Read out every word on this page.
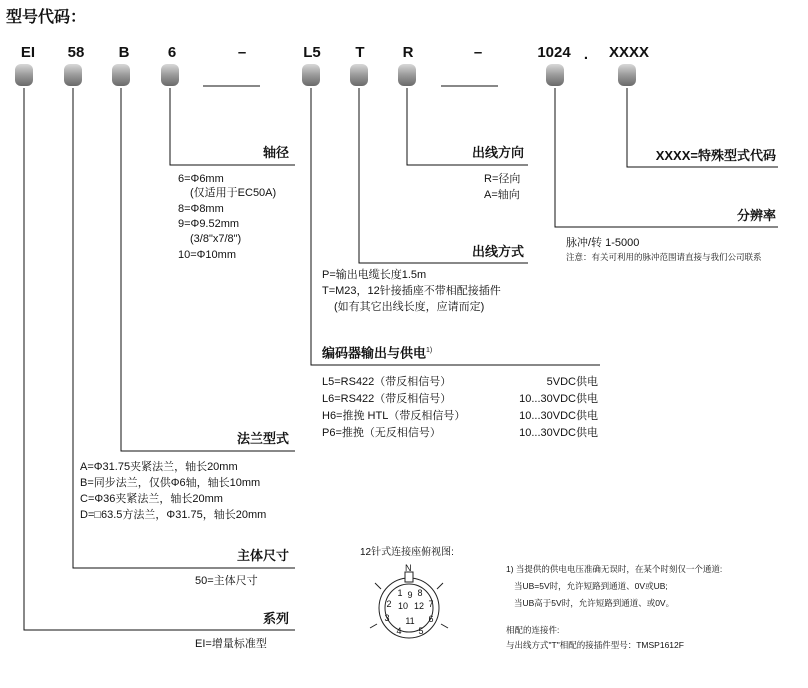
型号代码：
EI	58	B	6	–	L5	T	R	–	1024 .	XXXX
1
2
3
4 5
6
7
8
9
10
11
12
轴径
6=Φ6mm
(仅适用于EC50A)
8=Φ8mm
9=Φ9.52mm
(3/8"x7/8")
10=Φ10mm
出线方向
R=径向
A=轴向
XXXX=特殊型式代码
分辨率
脉冲/转 1-5000
注意：有关可利用的脉冲范围请直接与我们公司联系
出线方式
P=输出电缆长度1.5m
T=M23，12针接插座不带相配接插件
(如有其它出线长度，应请而定)
编码器输出与供电$^{1)}$
L5=RS422（带反相信号）	5VDC供电
L6=RS422（带反相信号）	10...30VDC供电
H6=推挽 HTL（带反相信号）	10...30VDC供电
P6=推挽（无反相信号）	10...30VDC供电
法兰型式
A=Φ31.75夹紧法兰，轴长20mm
B=同步法兰，仅供Φ6轴，轴长10mm
C=Φ36夹紧法兰，轴长20mm
D=□63.5方法兰，Φ31.75，轴长20mm
主体尺寸
50=主体尺寸
系列
EI=增量标准型
12针式连接座俯视图:
N	1) 当提供的供电电压准确无误时，在某个时刻仅一个通道:
当UB=5V时，允许短路到通道、0V或UB;
当UB高于5V时，允许短路到通道、或0V。
相配的连接件:
与出线方式"T"相配的接插件型号：TMSP1612F
